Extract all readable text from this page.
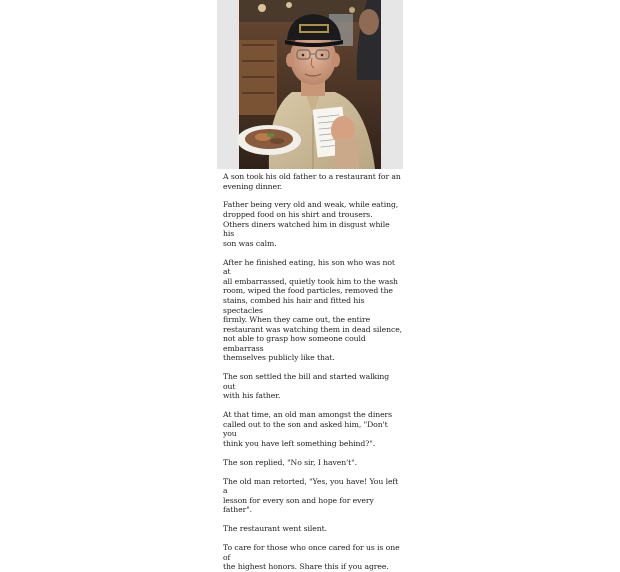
A son took his old father to a restaurant for an
evening dinner.

Father being very old and weak, while eating,
dropped food on his shirt and trousers.
Others diners watched him in disgust while his
son was calm.

After he finished eating, his son who was not at
all embarrassed, quietly took him to the wash
room, wiped the food particles, removed the
stains, combed his hair and fitted his spectacles
firmly. When they came out, the entire
restaurant was watching them in dead silence,
not able to grasp how someone could embarrass
themselves publicly like that.

The son settled the bill and started walking out
with his father.

At that time, an old man amongst the diners
called out to the son and asked him, "Don't you
think you have left something behind?".

The son replied, "No sir, I haven't".

The old man retorted, "Yes, you have! You left a
lesson for every son and hope for every father".

The restaurant went silent.

To care for those who once cared for us is one of
the highest honors. Share this if you agree.
